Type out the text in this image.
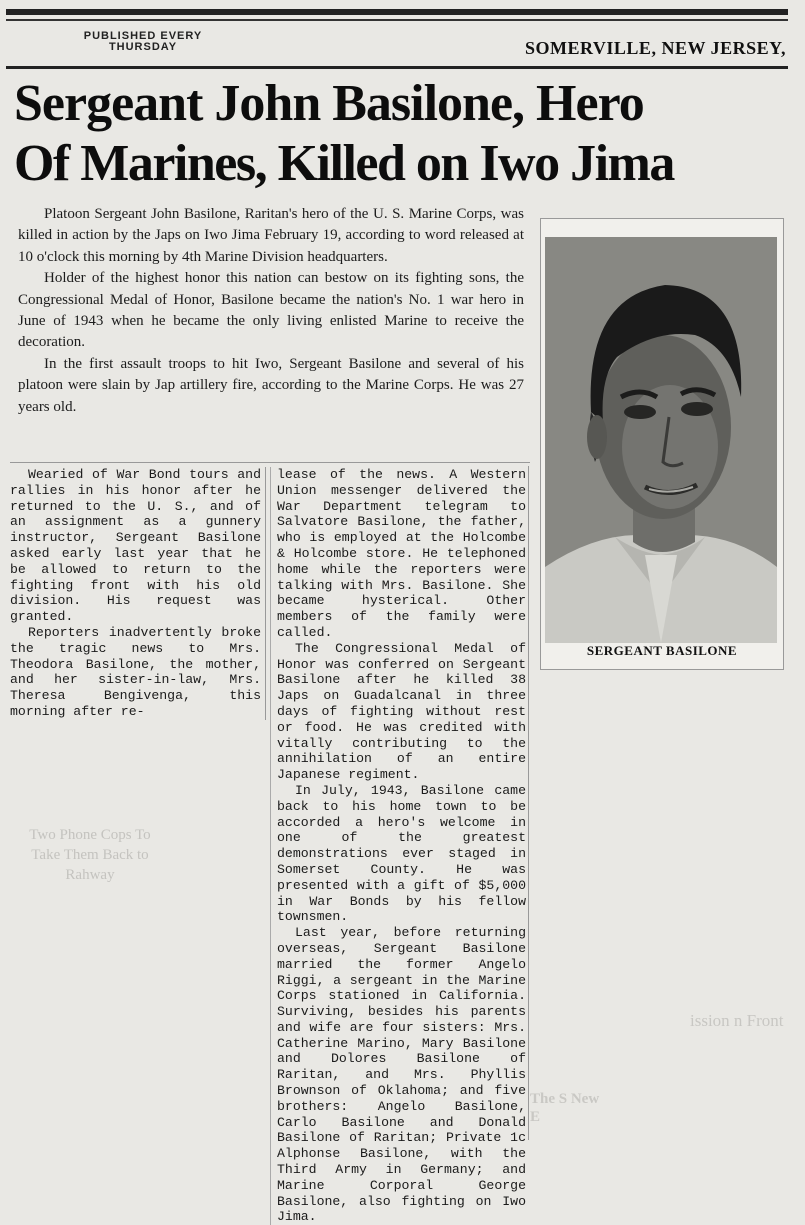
PUBLISHED EVERY THURSDAY	SOMERVILLE, NEW JERSEY,
Sergeant John Basilone, Hero
Of Marines, Killed on Iwo Jima

Platoon Sergeant John Basilone, Raritan's hero of the U. S. Marine Corps, was killed in action by the Japs on Iwo Jima February 19, according to word released at 10 o'clock this morning by 4th Marine Division headquarters.

Holder of the highest honor this nation can bestow on its fighting sons, the Congressional Medal of Honor, Basilone became the nation's No. 1 war hero in June of 1943 when he became the only living enlisted Marine to receive the decoration.

In the first assault troops to hit Iwo, Sergeant Basilone and several of his platoon were slain by Jap artillery fire, according to the Marine Corps. He was 27 years old.

SERGEANT BASILONE

Wearied of War Bond tours and rallies in his honor after he returned to the U. S., and of an assignment as a gunnery instructor, Sergeant Basilone asked early last year that he be allowed to return to the fighting front with his old division. His request was granted.

Reporters inadvertently broke the tragic news to Mrs. Theodora Basilone, the mother, and her sister-in-law, Mrs. Theresa Bengivenga, this morning after re-

lease of the news. A Western Union messenger delivered the War Department telegram to Salvatore Basilone, the father, who is employed at the Holcombe & Holcombe store. He telephoned home while the reporters were talking with Mrs. Basilone. She became hysterical. Other members of the family were called.

The Congressional Medal of Honor was conferred on Sergeant Basilone after he killed 38 Japs on Guadalcanal in three days of fighting without rest or food. He was credited with vitally contributing to the annihilation of an entire Japanese regiment.

In July, 1943, Basilone came back to his home town to be accorded a hero's welcome in one of the greatest demonstrations ever staged in Somerset County. He was presented with a gift of $5,000 in War Bonds by his fellow townsmen.

Last year, before returning overseas, Sergeant Basilone married the former Angelo Riggi, a sergeant in the Marine Corps stationed in California. Surviving, besides his parents and wife are four sisters: Mrs. Catherine Marino, Mary Basilone and Dolores Basilone of Raritan, and Mrs. Phyllis Brownson of Oklahoma; and five brothers: Angelo Basilone, Carlo Basilone and Donald Basilone of Raritan; Private 1c Alphonse Basilone, with the Third Army in Germany; and Marine Corporal George Basilone, also fighting on Iwo Jima.

Two Phone Cops To Take Them Back to Rahway
ission n Front
The S New E
